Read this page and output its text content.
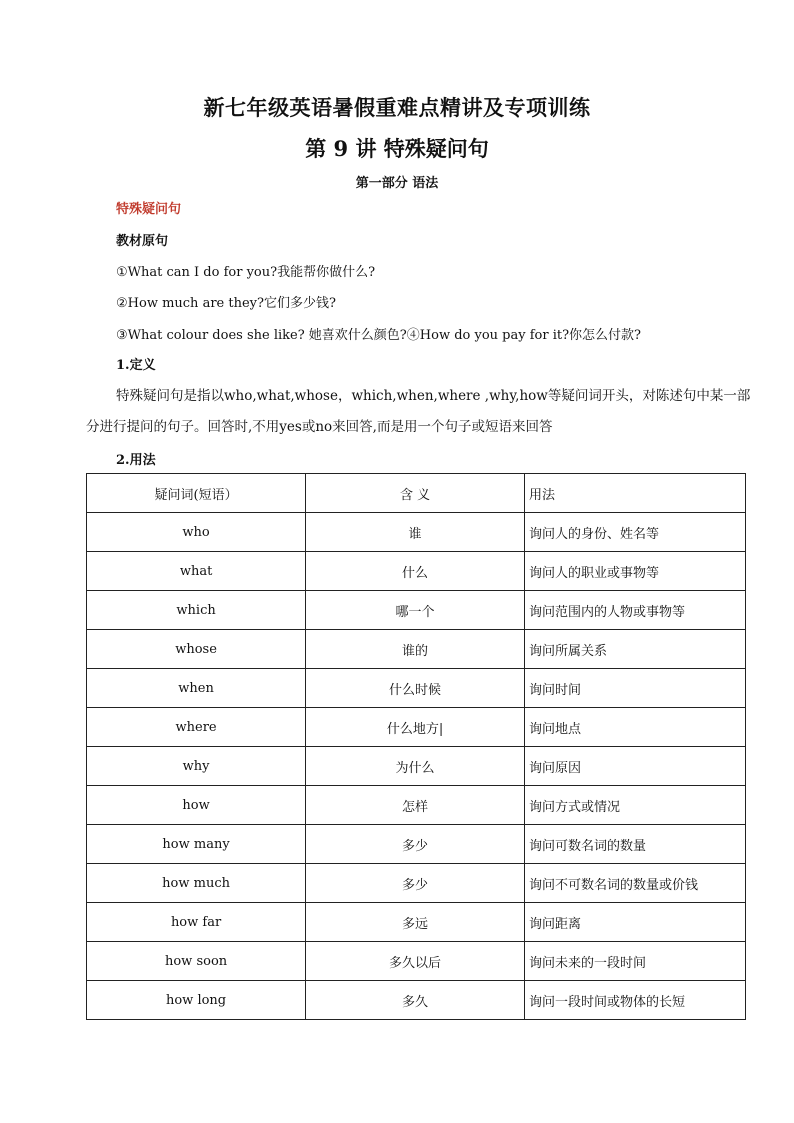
新七年级英语暑假重难点精讲及专项训练
第 9 讲 特殊疑问句
第一部分 语法
特殊疑问句
教材原句
①What can I do for you?我能帮你做什么?
②How much are they?它们多少钱?
③What colour does she like? 她喜欢什么颜色?④How do you pay for it?你怎么付款?
1.定义
特殊疑问句是指以who,what,whose，which,when,where ,why,how等疑问词开头，对陈述句中某一部
分进行提问的句子。回答时,不用yes或no来回答,而是用一个句子或短语来回答
2.用法
疑问词(短语）	含 义	用法
who	谁	询问人的身份、姓名等
what	什么	询问人的职业或事物等
which	哪一个	询问范围内的人物或事物等
whose	谁的	询问所属关系
when	什么时候	询问时间
where	什么地方|	询问地点
why	为什么	询问原因
how	怎样	询问方式或情况
how many	多少	询问可数名词的数量
how much	多少	询问不可数名词的数量或价钱
how far	多远	询问距离
how soon	多久以后	询问未来的一段时间
how long	多久	询问一段时间或物体的长短
